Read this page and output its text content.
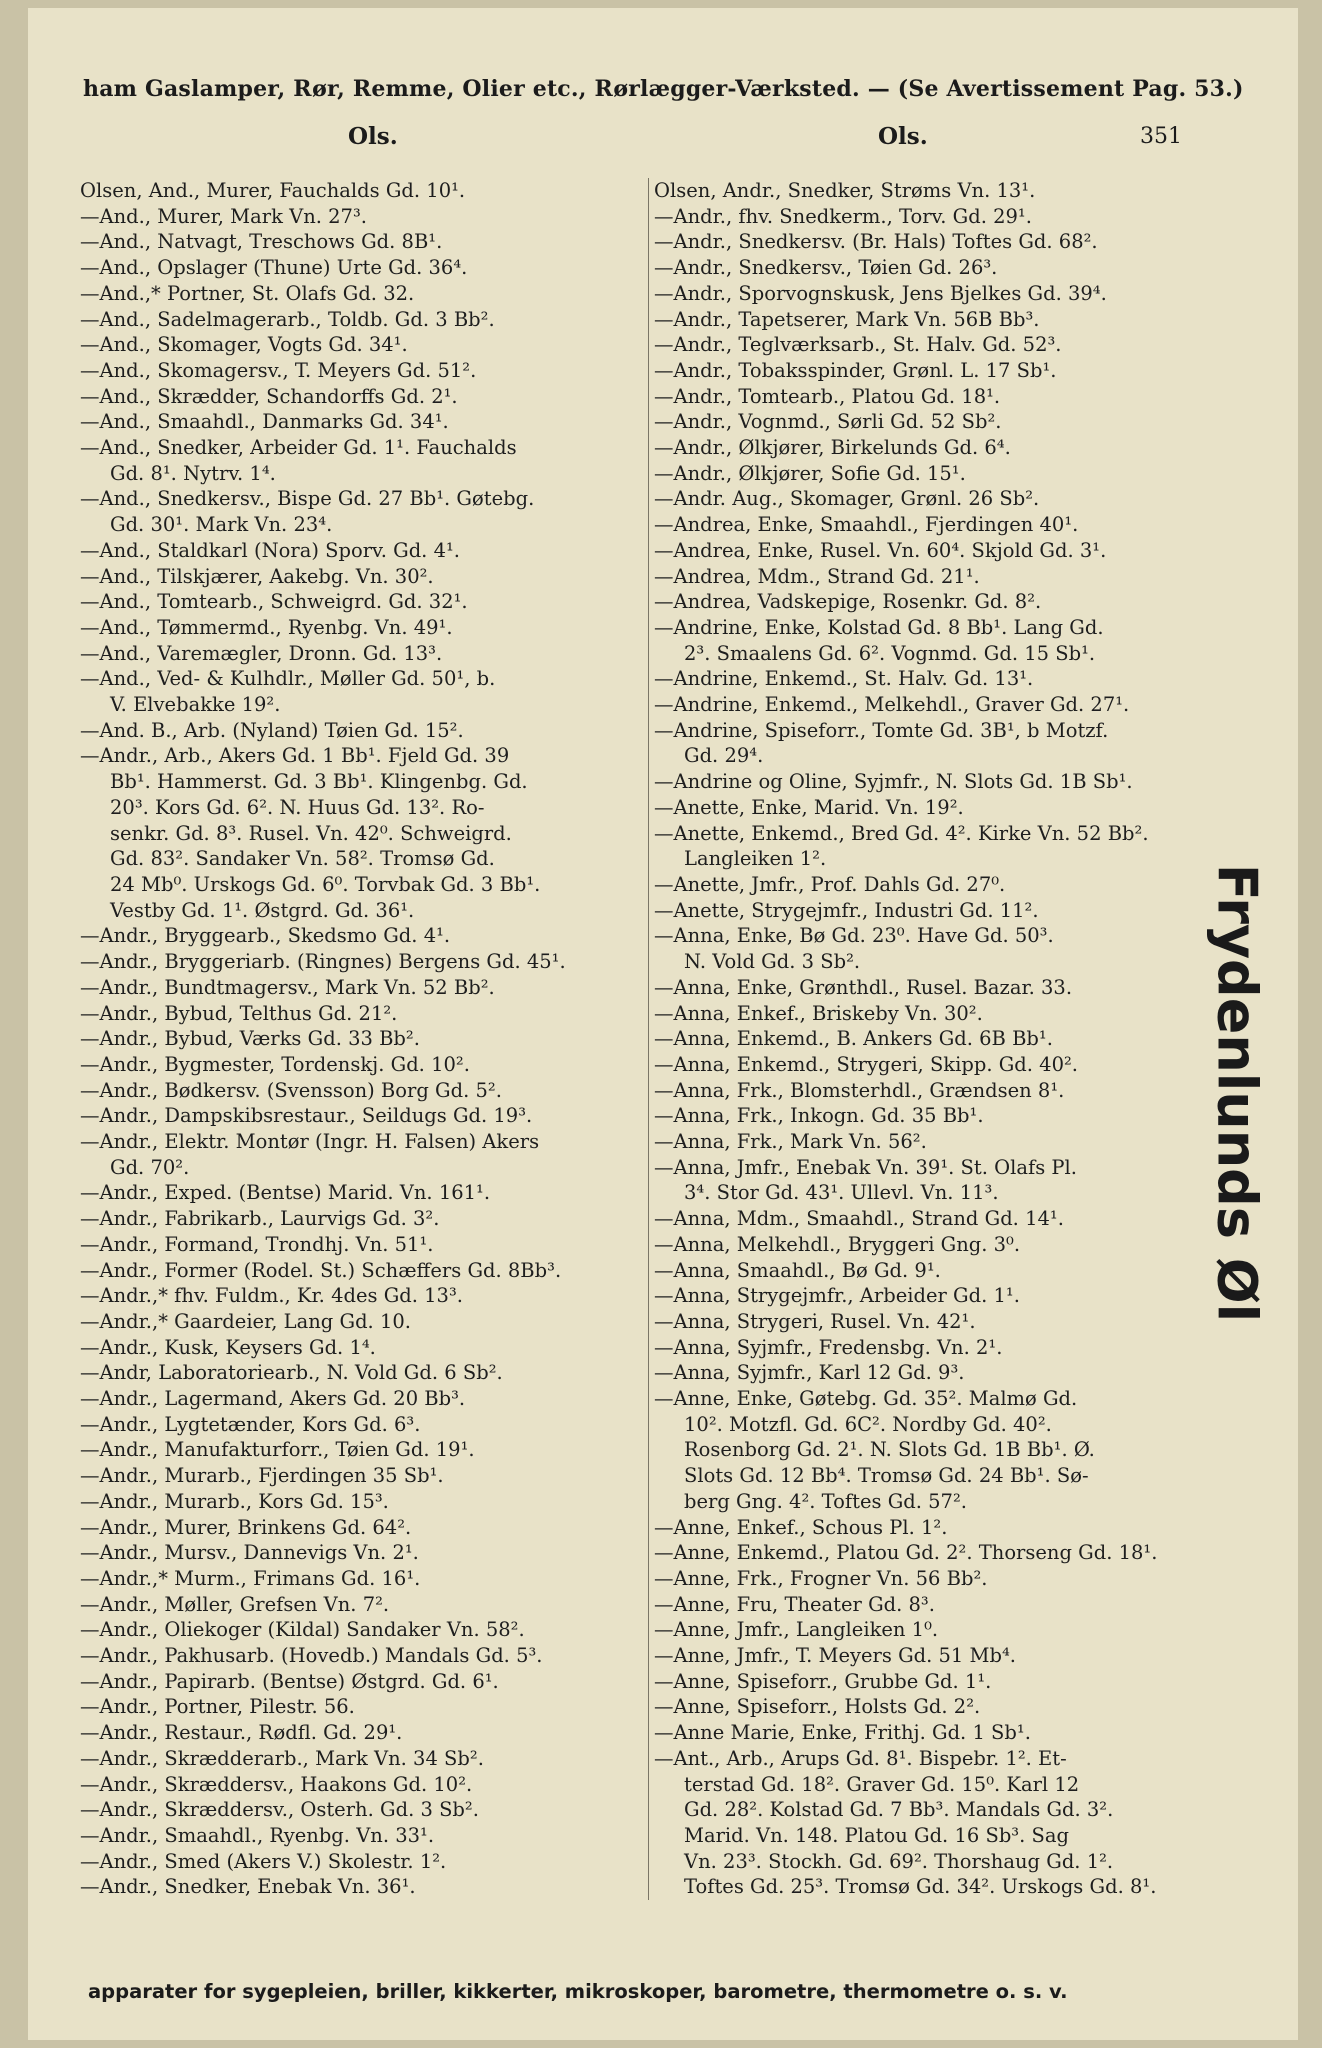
ham Gaslamper, Rør, Remme, Olier etc., Rørlægger-Værksted. — (Se Avertissement Pag. 53.)
Ols.	Ols.	351
Olsen, And., Murer, Fauchalds Gd. 10¹.
—And., Murer, Mark Vn. 27³.
—And., Natvagt, Treschows Gd. 8B¹.
—And., Opslager (Thune) Urte Gd. 36⁴.
—And.,* Portner, St. Olafs Gd. 32.
—And., Sadelmagerarb., Toldb. Gd. 3 Bb².
—And., Skomager, Vogts Gd. 34¹.
—And., Skomagersv., T. Meyers Gd. 51².
—And., Skrædder, Schandorffs Gd. 2¹.
—And., Smaahdl., Danmarks Gd. 34¹.
—And., Snedker, Arbeider Gd. 1¹. Fauchalds
Gd. 8¹. Nytrv. 1⁴.
—And., Snedkersv., Bispe Gd. 27 Bb¹. Gøtebg.
Gd. 30¹. Mark Vn. 23⁴.
—And., Staldkarl (Nora) Sporv. Gd. 4¹.
—And., Tilskjærer, Aakebg. Vn. 30².
—And., Tomtearb., Schweigrd. Gd. 32¹.
—And., Tømmermd., Ryenbg. Vn. 49¹.
—And., Varemægler, Dronn. Gd. 13³.
—And., Ved- & Kulhdlr., Møller Gd. 50¹, b.
V. Elvebakke 19².
—And. B., Arb. (Nyland) Tøien Gd. 15².
—Andr., Arb., Akers Gd. 1 Bb¹. Fjeld Gd. 39
Bb¹. Hammerst. Gd. 3 Bb¹. Klingenbg. Gd.
20³. Kors Gd. 6². N. Huus Gd. 13². Ro-
senkr. Gd. 8³. Rusel. Vn. 42⁰. Schweigrd.
Gd. 83². Sandaker Vn. 58². Tromsø Gd.
24 Mb⁰. Urskogs Gd. 6⁰. Torvbak Gd. 3 Bb¹.
Vestby Gd. 1¹. Østgrd. Gd. 36¹.
—Andr., Bryggearb., Skedsmo Gd. 4¹.
—Andr., Bryggeriarb. (Ringnes) Bergens Gd. 45¹.
—Andr., Bundtmagersv., Mark Vn. 52 Bb².
—Andr., Bybud, Telthus Gd. 21².
—Andr., Bybud, Værks Gd. 33 Bb².
—Andr., Bygmester, Tordenskj. Gd. 10².
—Andr., Bødkersv. (Svensson) Borg Gd. 5².
—Andr., Dampskibsrestaur., Seildugs Gd. 19³.
—Andr., Elektr. Montør (Ingr. H. Falsen) Akers
Gd. 70².
—Andr., Exped. (Bentse) Marid. Vn. 161¹.
—Andr., Fabrikarb., Laurvigs Gd. 3².
—Andr., Formand, Trondhj. Vn. 51¹.
—Andr., Former (Rodel. St.) Schæffers Gd. 8Bb³.
—Andr.,* fhv. Fuldm., Kr. 4des Gd. 13³.
—Andr.,* Gaardeier, Lang Gd. 10.
—Andr., Kusk, Keysers Gd. 1⁴.
—Andr, Laboratoriearb., N. Vold Gd. 6 Sb².
—Andr., Lagermand, Akers Gd. 20 Bb³.
—Andr., Lygtetænder, Kors Gd. 6³.
—Andr., Manufakturforr., Tøien Gd. 19¹.
—Andr., Murarb., Fjerdingen 35 Sb¹.
—Andr., Murarb., Kors Gd. 15³.
—Andr., Murer, Brinkens Gd. 64².
—Andr., Mursv., Dannevigs Vn. 2¹.
—Andr.,* Murm., Frimans Gd. 16¹.
—Andr., Møller, Grefsen Vn. 7².
—Andr., Oliekoger (Kildal) Sandaker Vn. 58².
—Andr., Pakhusarb. (Hovedb.) Mandals Gd. 5³.
—Andr., Papirarb. (Bentse) Østgrd. Gd. 6¹.
—Andr., Portner, Pilestr. 56.
—Andr., Restaur., Rødfl. Gd. 29¹.
—Andr., Skrædderarb., Mark Vn. 34 Sb².
—Andr., Skræddersv., Haakons Gd. 10².
—Andr., Skræddersv., Osterh. Gd. 3 Sb².
—Andr., Smaahdl., Ryenbg. Vn. 33¹.
—Andr., Smed (Akers V.) Skolestr. 1².
—Andr., Snedker, Enebak Vn. 36¹.
Olsen, Andr., Snedker, Strøms Vn. 13¹.
—Andr., fhv. Snedkerm., Torv. Gd. 29¹.
—Andr., Snedkersv. (Br. Hals) Toftes Gd. 68².
—Andr., Snedkersv., Tøien Gd. 26³.
—Andr., Sporvognskusk, Jens Bjelkes Gd. 39⁴.
—Andr., Tapetserer, Mark Vn. 56B Bb³.
—Andr., Teglværksarb., St. Halv. Gd. 52³.
—Andr., Tobaksspinder, Grønl. L. 17 Sb¹.
—Andr., Tomtearb., Platou Gd. 18¹.
—Andr., Vognmd., Sørli Gd. 52 Sb².
—Andr., Ølkjører, Birkelunds Gd. 6⁴.
—Andr., Ølkjører, Sofie Gd. 15¹.
—Andr. Aug., Skomager, Grønl. 26 Sb².
—Andrea, Enke, Smaahdl., Fjerdingen 40¹.
—Andrea, Enke, Rusel. Vn. 60⁴. Skjold Gd. 3¹.
—Andrea, Mdm., Strand Gd. 21¹.
—Andrea, Vadskepige, Rosenkr. Gd. 8².
—Andrine, Enke, Kolstad Gd. 8 Bb¹. Lang Gd.
2³. Smaalens Gd. 6². Vognmd. Gd. 15 Sb¹.
—Andrine, Enkemd., St. Halv. Gd. 13¹.
—Andrine, Enkemd., Melkehdl., Graver Gd. 27¹.
—Andrine, Spiseforr., Tomte Gd. 3B¹, b Motzf.
Gd. 29⁴.
—Andrine og Oline, Syjmfr., N. Slots Gd. 1B Sb¹.
—Anette, Enke, Marid. Vn. 19².
—Anette, Enkemd., Bred Gd. 4². Kirke Vn. 52 Bb².
Langleiken 1².
—Anette, Jmfr., Prof. Dahls Gd. 27⁰.
—Anette, Strygejmfr., Industri Gd. 11².
—Anna, Enke, Bø Gd. 23⁰. Have Gd. 50³.
N. Vold Gd. 3 Sb².
—Anna, Enke, Grønthdl., Rusel. Bazar. 33.
—Anna, Enkef., Briskeby Vn. 30².
—Anna, Enkemd., B. Ankers Gd. 6B Bb¹.
—Anna, Enkemd., Strygeri, Skipp. Gd. 40².
—Anna, Frk., Blomsterhdl., Grændsen 8¹.
—Anna, Frk., Inkogn. Gd. 35 Bb¹.
—Anna, Frk., Mark Vn. 56².
—Anna, Jmfr., Enebak Vn. 39¹. St. Olafs Pl.
3⁴. Stor Gd. 43¹. Ullevl. Vn. 11³.
—Anna, Mdm., Smaahdl., Strand Gd. 14¹.
—Anna, Melkehdl., Bryggeri Gng. 3⁰.
—Anna, Smaahdl., Bø Gd. 9¹.
—Anna, Strygejmfr., Arbeider Gd. 1¹.
—Anna, Strygeri, Rusel. Vn. 42¹.
—Anna, Syjmfr., Fredensbg. Vn. 2¹.
—Anna, Syjmfr., Karl 12 Gd. 9³.
—Anne, Enke, Gøtebg. Gd. 35². Malmø Gd.
10². Motzfl. Gd. 6C². Nordby Gd. 40².
Rosenborg Gd. 2¹. N. Slots Gd. 1B Bb¹. Ø.
Slots Gd. 12 Bb⁴. Tromsø Gd. 24 Bb¹. Sø-
berg Gng. 4². Toftes Gd. 57².
—Anne, Enkef., Schous Pl. 1².
—Anne, Enkemd., Platou Gd. 2². Thorseng Gd. 18¹.
—Anne, Frk., Frogner Vn. 56 Bb².
—Anne, Fru, Theater Gd. 8³.
—Anne, Jmfr., Langleiken 1⁰.
—Anne, Jmfr., T. Meyers Gd. 51 Mb⁴.
—Anne, Spiseforr., Grubbe Gd. 1¹.
—Anne, Spiseforr., Holsts Gd. 2².
—Anne Marie, Enke, Frithj. Gd. 1 Sb¹.
—Ant., Arb., Arups Gd. 8¹. Bispebr. 1². Et-
terstad Gd. 18². Graver Gd. 15⁰. Karl 12
Gd. 28². Kolstad Gd. 7 Bb³. Mandals Gd. 3².
Marid. Vn. 148. Platou Gd. 16 Sb³. Sag
Vn. 23³. Stockh. Gd. 69². Thorshaug Gd. 1².
Toftes Gd. 25³. Tromsø Gd. 34². Urskogs Gd. 8¹.
Frydenlunds Øl
apparater for sygepleien, briller, kikkerter, mikroskoper, barometre, thermometre o. s. v.
